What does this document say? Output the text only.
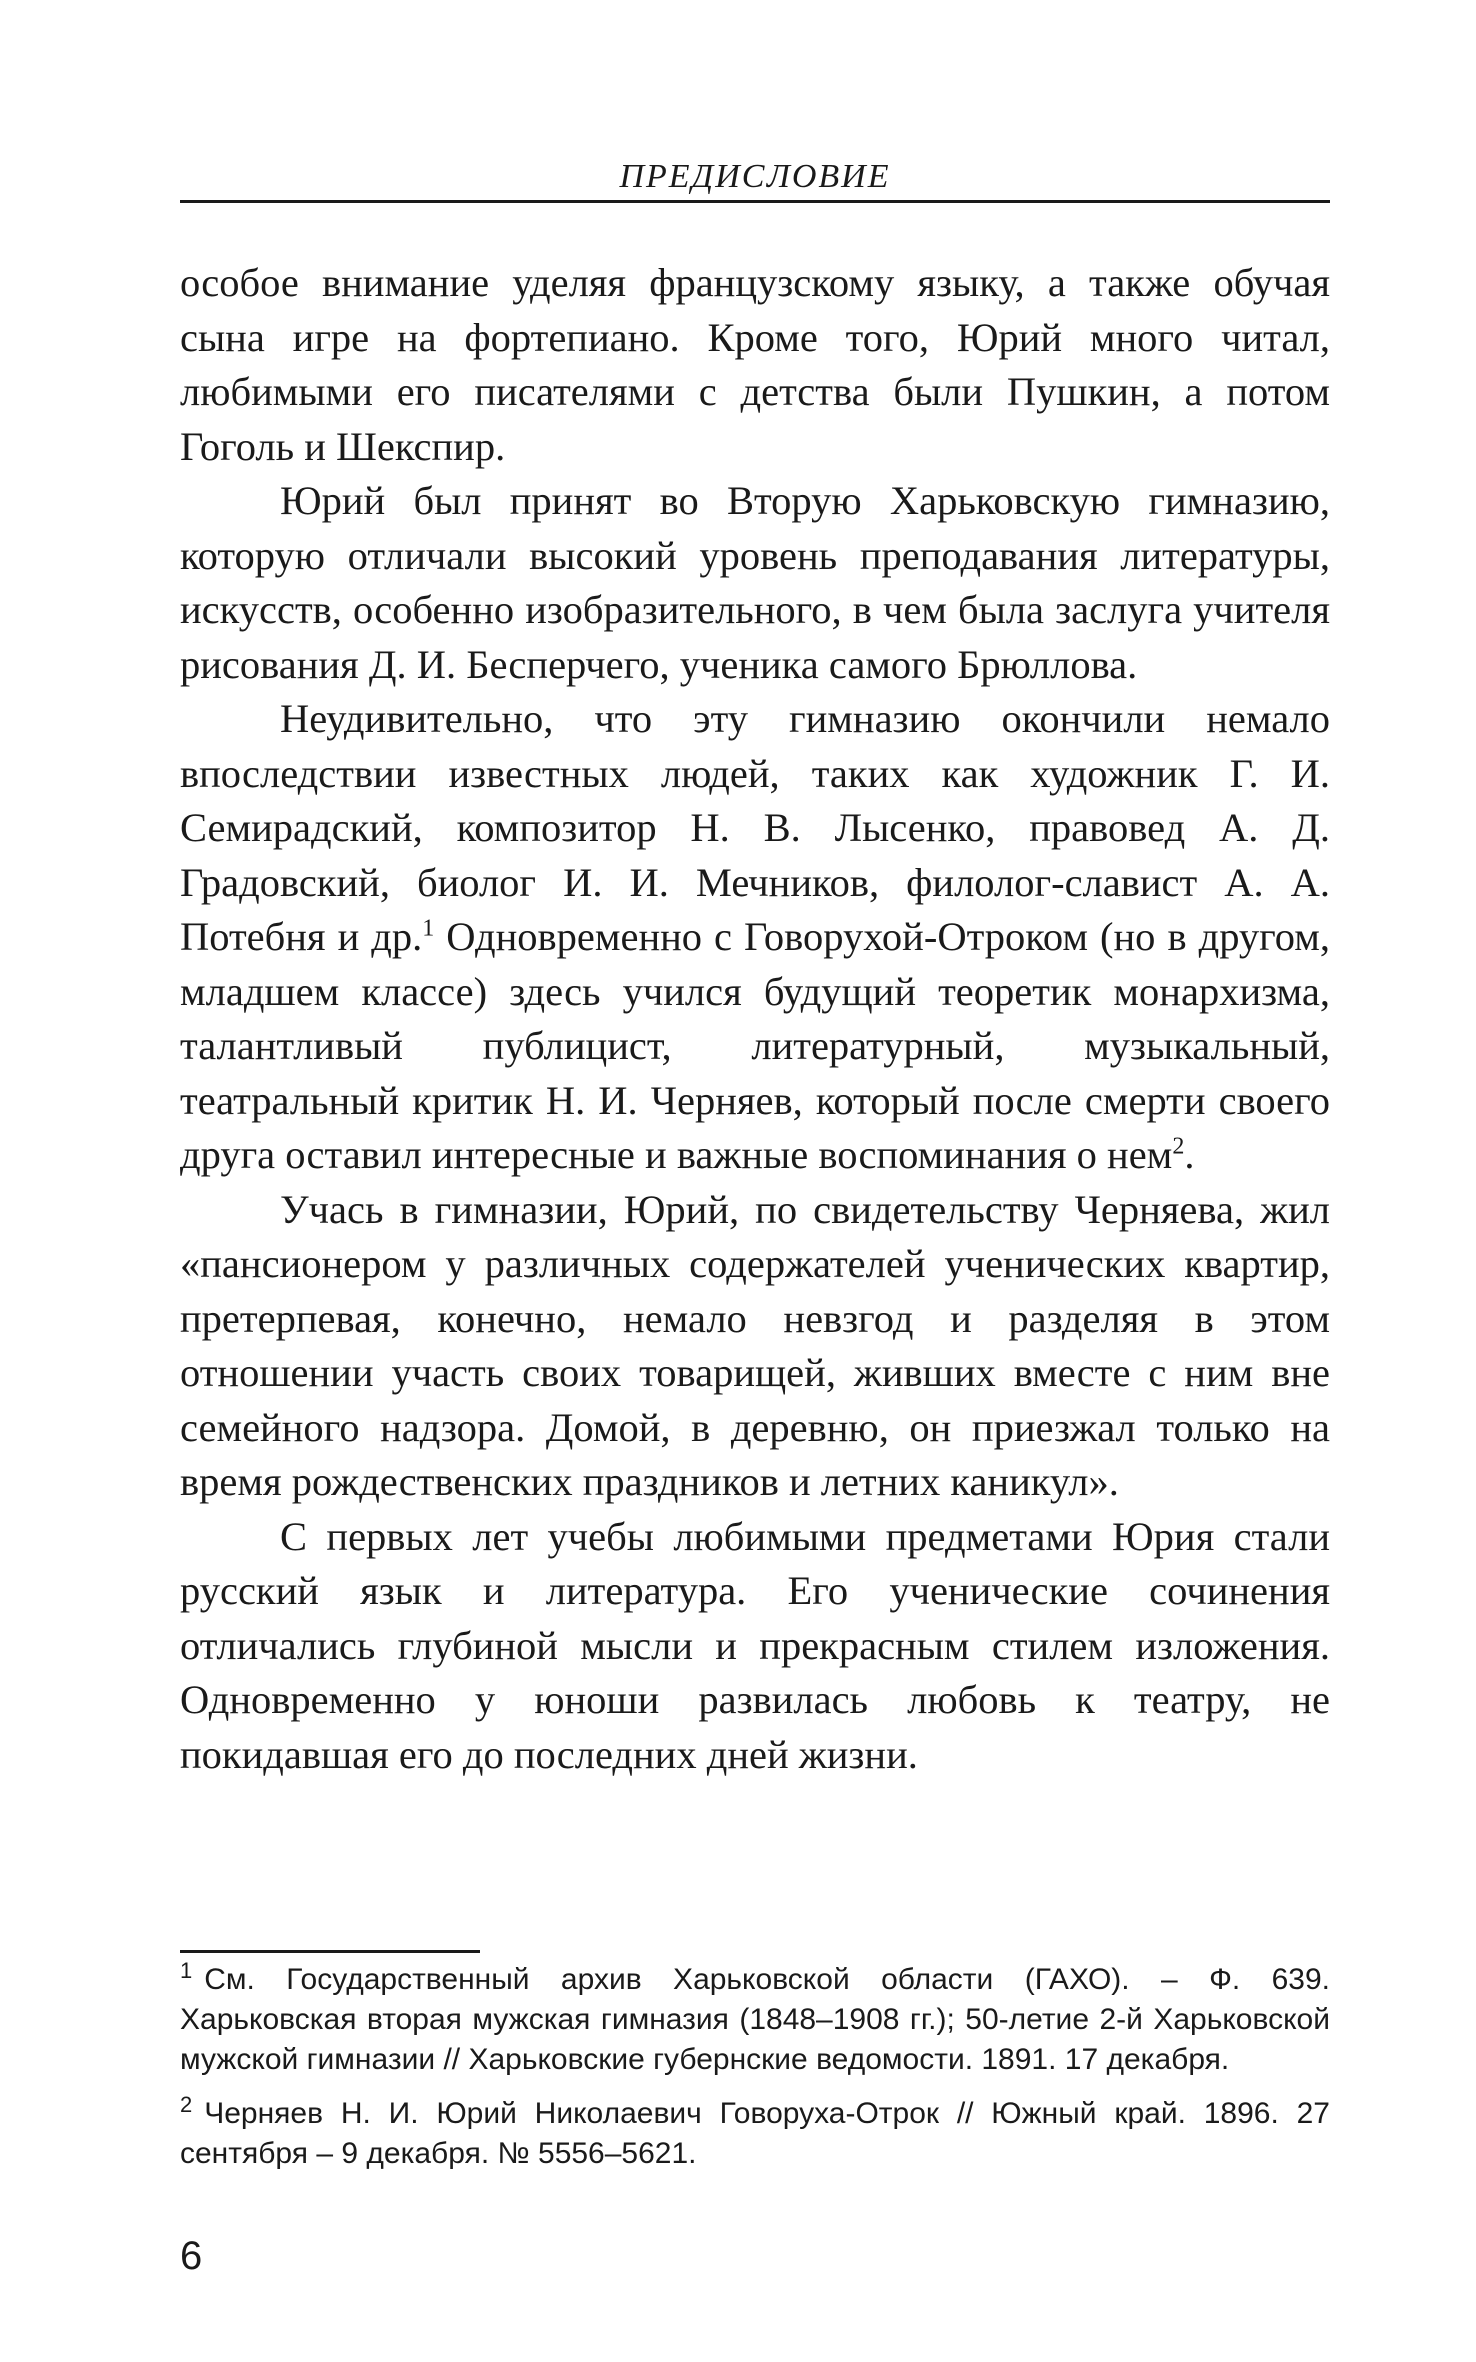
ПРЕДИСЛОВИЕ

особое внимание уделяя французскому языку, а также обучая сына игре на фортепиано. Кроме того, Юрий много читал, любимыми его писателями с детства были Пушкин, а потом Гоголь и Шекспир.

Юрий был принят во Вторую Харьковскую гимназию, которую отличали высокий уровень преподавания литературы, искусств, особенно изобразительного, в чем была заслуга учителя рисования Д. И. Бесперчего, ученика самого Брюллова.

Неудивительно, что эту гимназию окончили немало впоследствии известных людей, таких как художник Г. И. Семирадский, композитор Н. В. Лысенко, правовед А. Д. Градовский, биолог И. И. Мечников, филолог-славист А. А. Потебня и др.$^1$ Одновременно с Говорухой-Отроком (но в другом, младшем классе) здесь учился будущий теоретик монархизма, талантливый публицист, литературный, музыкальный, театральный критик Н. И. Черняев, который после смерти своего друга оставил интересные и важные воспоминания о нем$^2$.

Учась в гимназии, Юрий, по свидетельству Черняева, жил «пансионером у различных содержателей ученических квартир, претерпевая, конечно, немало невзгод и разделяя в этом отношении участь своих товарищей, живших вместе с ним вне семейного надзора. Домой, в деревню, он приезжал только на время рождественских праздников и летних каникул».

С первых лет учебы любимыми предметами Юрия стали русский язык и литература. Его ученические сочинения отличались глубиной мысли и прекрасным стилем изложения. Одновременно у юноши развилась любовь к театру, не покидавшая его до последних дней жизни.

$^1$ См. Государственный архив Харьковской области (ГАХО). – Ф. 639. Харьковская вторая мужская гимназия (1848–1908 гг.); 50-летие 2-й Харьковской мужской гимназии // Харьковские губернские ведомости. 1891. 17 декабря.

$^2$ Черняев Н. И. Юрий Николаевич Говоруха-Отрок // Южный край. 1896. 27 сентября – 9 декабря. № 5556–5621.

6
